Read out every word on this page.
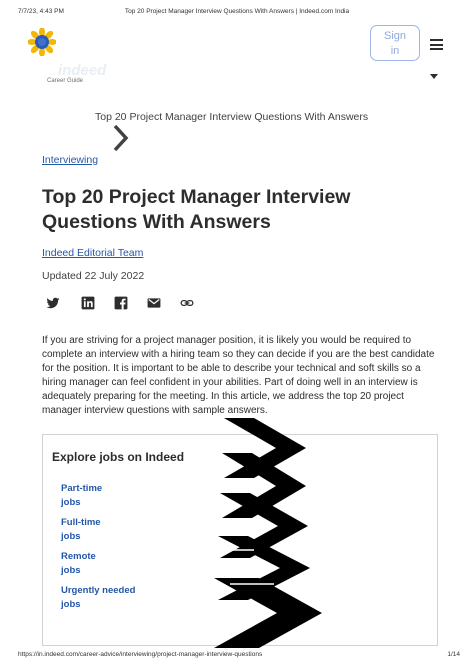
7/7/23, 4:43 PM	Top 20 Project Manager Interview Questions With Answers | Indeed.com India
indeed
Career Guide
Sign
in
Top 20 Project Manager Interview Questions With Answers
Interviewing
Top 20 Project Manager Interview Questions With Answers
Indeed Editorial Team
Updated 22 July 2022

If you are striving for a project manager position, it is likely you would be required to complete an interview with a hiring team so they can decide if you are the best candidate for the position. It is important to be able to describe your technical and soft skills so a hiring manager can feel confident in your abilities. Part of doing well in an interview is adequately preparing for the meeting. In this article, we address the top 20 project manager interview questions with sample answers.

Explore jobs on Indeed
Part-time
jobs
Full-time
jobs
Remote
jobs
Urgently needed
jobs
https://in.indeed.com/career-advice/interviewing/project-manager-interview-questions	1/14
